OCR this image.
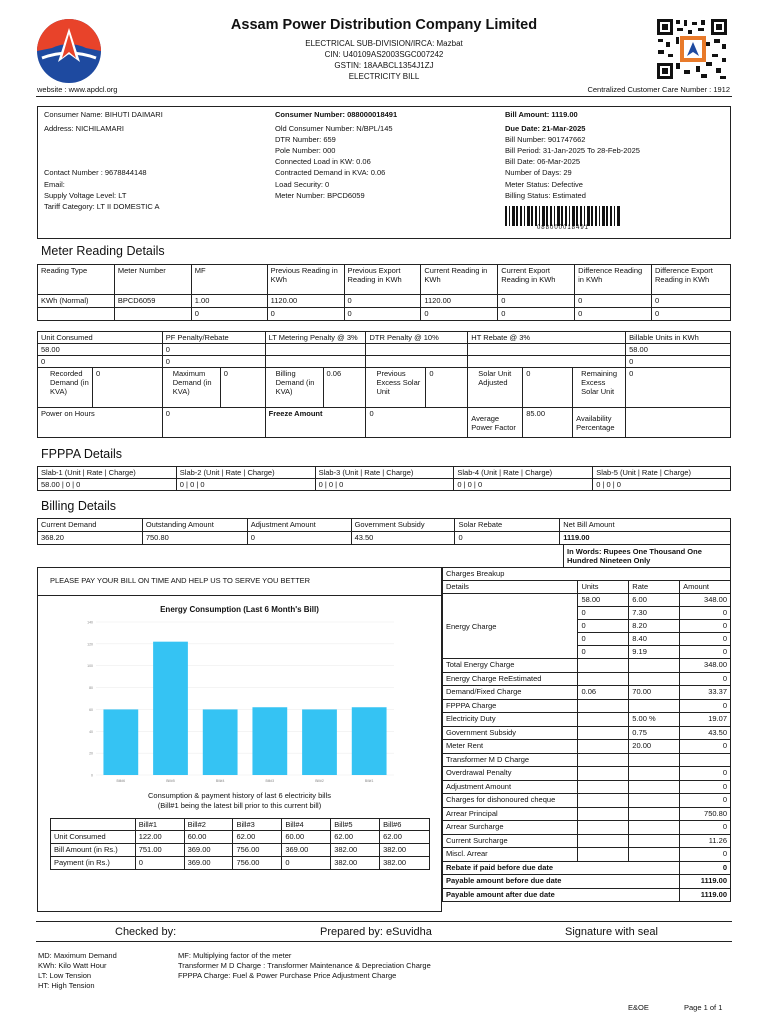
Assam Power Distribution Company Limited
ELECTRICAL SUB-DIVISION/IRCA: Mazbat
CIN: U40109AS2003SGC007242
GSTIN: 18AABCL1354J1ZJ
ELECTRICITY BILL
website : www.apdcl.org	Centralized Customer Care Number : 1912
Consumer Name: BIHUTI DAIMARI
Address: NICHILAMARI
Contact Number : 9678844148
Email:
Supply Voltage Level: LT
Tariff Category: LT II DOMESTIC A
Consumer Number: 088000018491
Old Consumer Number: N/BPL/145
DTR Number: 659
Pole Number: 000
Connected Load in KW: 0.06
Contracted Demand in KVA: 0.06
Load Security: 0
Meter Number: BPCD6059
Bill Amount: 1119.00
Due Date: 21-Mar-2025
Bill Number: 901747662
Bill Period: 31-Jan-2025 To 28-Feb-2025
Bill Date: 06-Mar-2025
Number of Days: 29
Meter Status: Defective
Billing Status: Estimated
088000018491
Meter Reading Details
Reading Type	Meter Number	MF	Previous Reading in KWh	Previous Export Reading in KWh	Current Reading in KWh	Current Export Reading in KWh	Difference Reading in KWh	Difference Export Reading in KWh
KWh (Normal)	BPCD6059	1.00	1120.00	0	1120.00	0	0	0
		0	0	0	0	0	0	0
Unit Consumed		PF Penalty/Rebate		LT Metering Penalty @ 3%		DTR Penalty @ 10%		HT Rebate @ 3%			Billable Units in KWh
58.00		0									58.00
0		0									0
Recorded Demand (in KVA)	0	Maximum Demand (in KVA)	0	Billing Demand (in KVA)	0.06	Previous Excess Solar Unit	0	Solar Unit Adjusted	0	Remaining Excess Solar Unit	0
Power on Hours		0		Freeze Amount		0		Average Power Factor	85.00	Availability Percentage	
FPPPA Details
Slab-1 (Unit | Rate | Charge)	Slab-2 (Unit | Rate | Charge)	Slab-3 (Unit | Rate | Charge)	Slab-4 (Unit | Rate | Charge)	Slab-5 (Unit | Rate | Charge)
58.00 | 0 | 0	0 | 0 | 0	0 | 0 | 0	0 | 0 | 0	0 | 0 | 0
Billing Details
Current Demand	Outstanding Amount	Adjustment Amount	Government Subsidy	Solar Rebate	Net Bill Amount
368.20	750.80	0	43.50	0	1119.00
In Words: Rupees One Thousand One Hundred Nineteen Only
PLEASE PAY YOUR BILL ON TIME AND HELP US TO SERVE YOU BETTER
Energy Consumption (Last 6 Month's Bill)
0
20
40
60
80
100
120
140
Bill#6	Bill#5	Bill#4	Bill#3	Bill#2	Bill#1
Consumption & payment history of last 6 electricity bills
(Bill#1 being the latest bill prior to this current bill)
	Bill#1	Bill#2	Bill#3	Bill#4	Bill#5	Bill#6
Unit Consumed	122.00	60.00	62.00	60.00	62.00	62.00
Bill Amount (in Rs.)	751.00	369.00	756.00	369.00	382.00	382.00
Payment (in Rs.)	0	369.00	756.00	0	382.00	382.00
Charges Breakup			
Details	Units	Rate	Amount
Energy Charge	58.00	6.00	348.00
	0	7.30	0
	0	8.20	0
	0	8.40	0
	0	9.19	0
Total Energy Charge			348.00
Energy Charge ReEstimated			0
Demand/Fixed Charge	0.06	70.00	33.37
FPPPA Charge			0
Electricity Duty		5.00 %	19.07
Government Subsidy		0.75	43.50
Meter Rent		20.00	0
Transformer M D Charge			
Overdrawal Penalty			0
Adjustment Amount			0
Charges for dishonoured cheque			0
Arrear Principal			750.80
Arrear Surcharge			0
Current Surcharge			11.26
Miscl. Arrear			0
Rebate if paid before due date			0
Payable amount before due date			1119.00
Payable amount after due date			1119.00
Checked by:	Prepared by: eSuvidha	Signature with seal
MD: Maximum Demand
KWh: Kilo Watt Hour
LT: Low Tension
HT: High Tension
MF: Multiplying factor of the meter
Transformer M D Charge : Transformer Maintenance & Depreciation Charge
FPPPA Charge: Fuel & Power Purchase Price Adjustment Charge
E&OE	Page 1 of 1
